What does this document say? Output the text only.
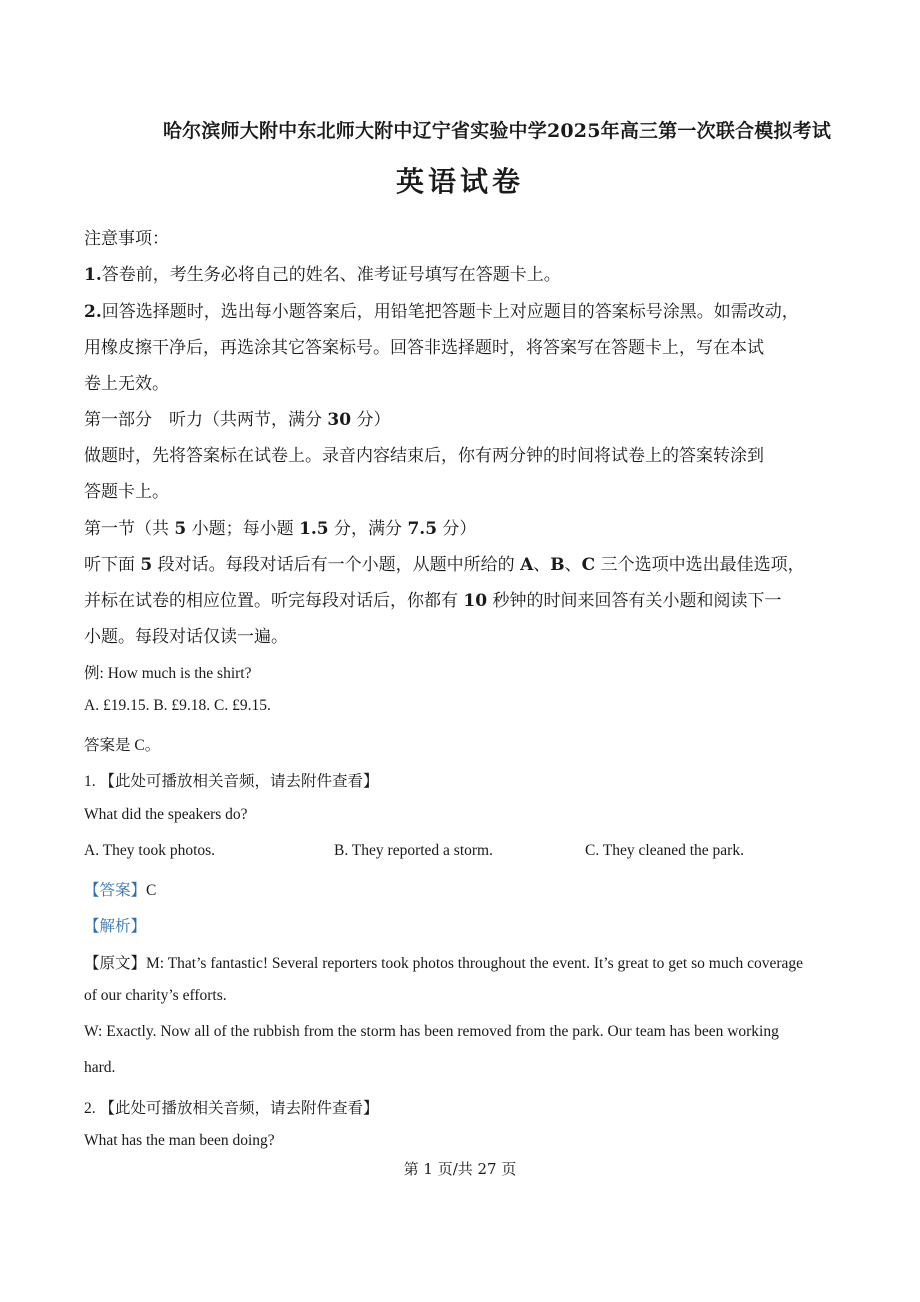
哈尔滨师大附中东北师大附中辽宁省实验中学2025年高三第一次联合模拟考试
英语试卷
注意事项：
1.答卷前，考生务必将自己的姓名、准考证号填写在答题卡上。
2.回答选择题时，选出每小题答案后，用铅笔把答题卡上对应题目的答案标号涂黑。如需改动，
用橡皮擦干净后，再选涂其它答案标号。回答非选择题时，将答案写在答题卡上，写在本试
卷上无效。
第一部分　听力（共两节，满分 30 分）
做题时，先将答案标在试卷上。录音内容结束后，你有两分钟的时间将试卷上的答案转涂到
答题卡上。
第一节（共 5 小题；每小题 1.5 分，满分 7.5 分）
听下面 5 段对话。每段对话后有一个小题，从题中所给的 A、B、C 三个选项中选出最佳选项，
并标在试卷的相应位置。听完每段对话后，你都有 10 秒钟的时间来回答有关小题和阅读下一
小题。每段对话仅读一遍。
例: How much is the shirt?
A. £19.15. B. £9.18. C. £9.15.
答案是 C。
1. 【此处可播放相关音频，请去附件查看】
What did the speakers do?
A. They took photos.	B. They reported a storm.	C. They cleaned the park.
【答案】C
【解析】
【原文】M: That’s fantastic! Several reporters took photos throughout the event. It’s great to get so much coverage
of our charity’s efforts.
W: Exactly. Now all of the rubbish from the storm has been removed from the park. Our team has been working
hard.
2. 【此处可播放相关音频，请去附件查看】
What has the man been doing?
第 1 页/共 27 页
